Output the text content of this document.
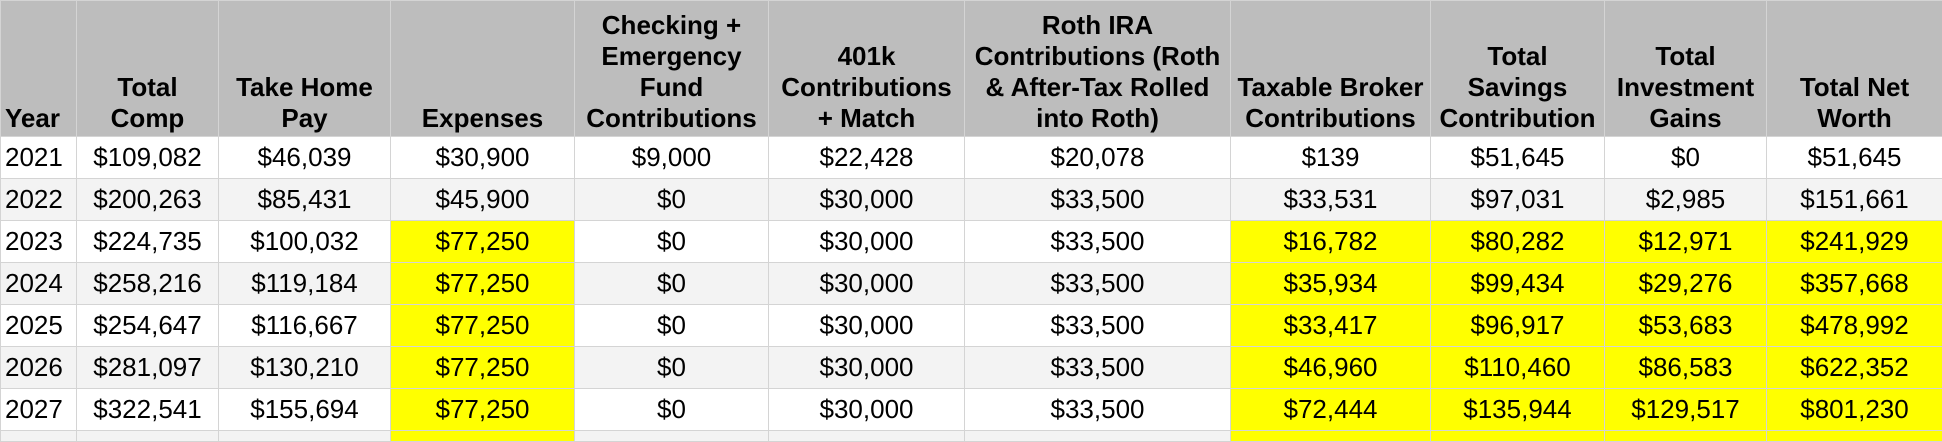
Year	Total Comp	Take Home Pay	Expenses	Checking + Emergency Fund Contributions	401k Contributions + Match	Roth IRA Contributions (Roth & After-Tax Rolled into Roth)	Taxable Broker Contributions	Total Savings Contribution	Total Investment Gains	Total Net Worth
2021	$109,082	$46,039	$30,900	$9,000	$22,428	$20,078	$139	$51,645	$0	$51,645
2022	$200,263	$85,431	$45,900	$0	$30,000	$33,500	$33,531	$97,031	$2,985	$151,661
2023	$224,735	$100,032	$77,250	$0	$30,000	$33,500	$16,782	$80,282	$12,971	$241,929
2024	$258,216	$119,184	$77,250	$0	$30,000	$33,500	$35,934	$99,434	$29,276	$357,668
2025	$254,647	$116,667	$77,250	$0	$30,000	$33,500	$33,417	$96,917	$53,683	$478,992
2026	$281,097	$130,210	$77,250	$0	$30,000	$33,500	$46,960	$110,460	$86,583	$622,352
2027	$322,541	$155,694	$77,250	$0	$30,000	$33,500	$72,444	$135,944	$129,517	$801,230
